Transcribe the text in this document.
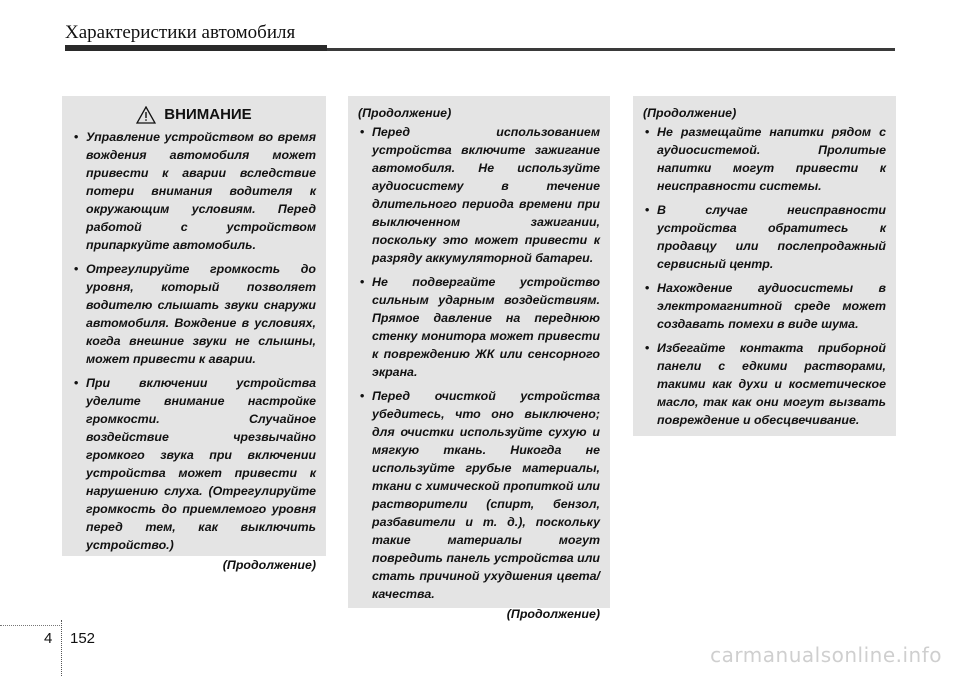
Характеристики автомобиля
ВНИМАНИЕ
• Управление устройством во время вождения автомобиля может привести к аварии вследствие потери внимания водителя к окружающим условиям. Перед работой с устройством припаркуйте автомобиль.
• Отрегулируйте громкость до уровня, который позволяет водителю слышать звуки снаружи автомобиля. Вождение в условиях, когда внешние звуки не слышны, может привести к аварии.
• При включении устройства уделите внимание настройке громкости. Случайное воздействие чрезвычайно громкого звука при включении устройства может привести к нарушению слуха. (Отрегулируйте громкость до приемлемого уровня перед тем, как выключить устройство.)
(Продолжение)
(Продолжение)
• Перед использованием устройства включите зажигание автомобиля. Не используйте аудиосистему в течение длительного периода времени при выключенном зажигании, поскольку это может привести к разряду аккумуляторной батареи.
• Не подвергайте устройство сильным ударным воздействиям. Прямое давление на переднюю стенку монитора может привести к повреждению ЖК или сенсорного экрана.
• Перед очисткой устройства убедитесь, что оно выключено; для очистки используйте сухую и мягкую ткань. Никогда не используйте грубые материалы, ткани с химической пропиткой или растворители (спирт, бензол, разбавители и т. д.), поскольку такие материалы могут повредить панель устройства или стать причиной ухудшения цвета/качества.
(Продолжение)
(Продолжение)
• Не размещайте напитки рядом с аудиосистемой. Пролитые напитки могут привести к неисправности системы.
• В случае неисправности устройства обратитесь к продавцу или послепродажный сервисный центр.
• Нахождение аудиосистемы в электромагнитной среде может создавать помехи в виде шума.
• Избегайте контакта приборной панели с едкими растворами, такими как духи и косметическое масло, так как они могут вызвать повреждение и обесцвечивание.
4 152
carmanualsonline.info
